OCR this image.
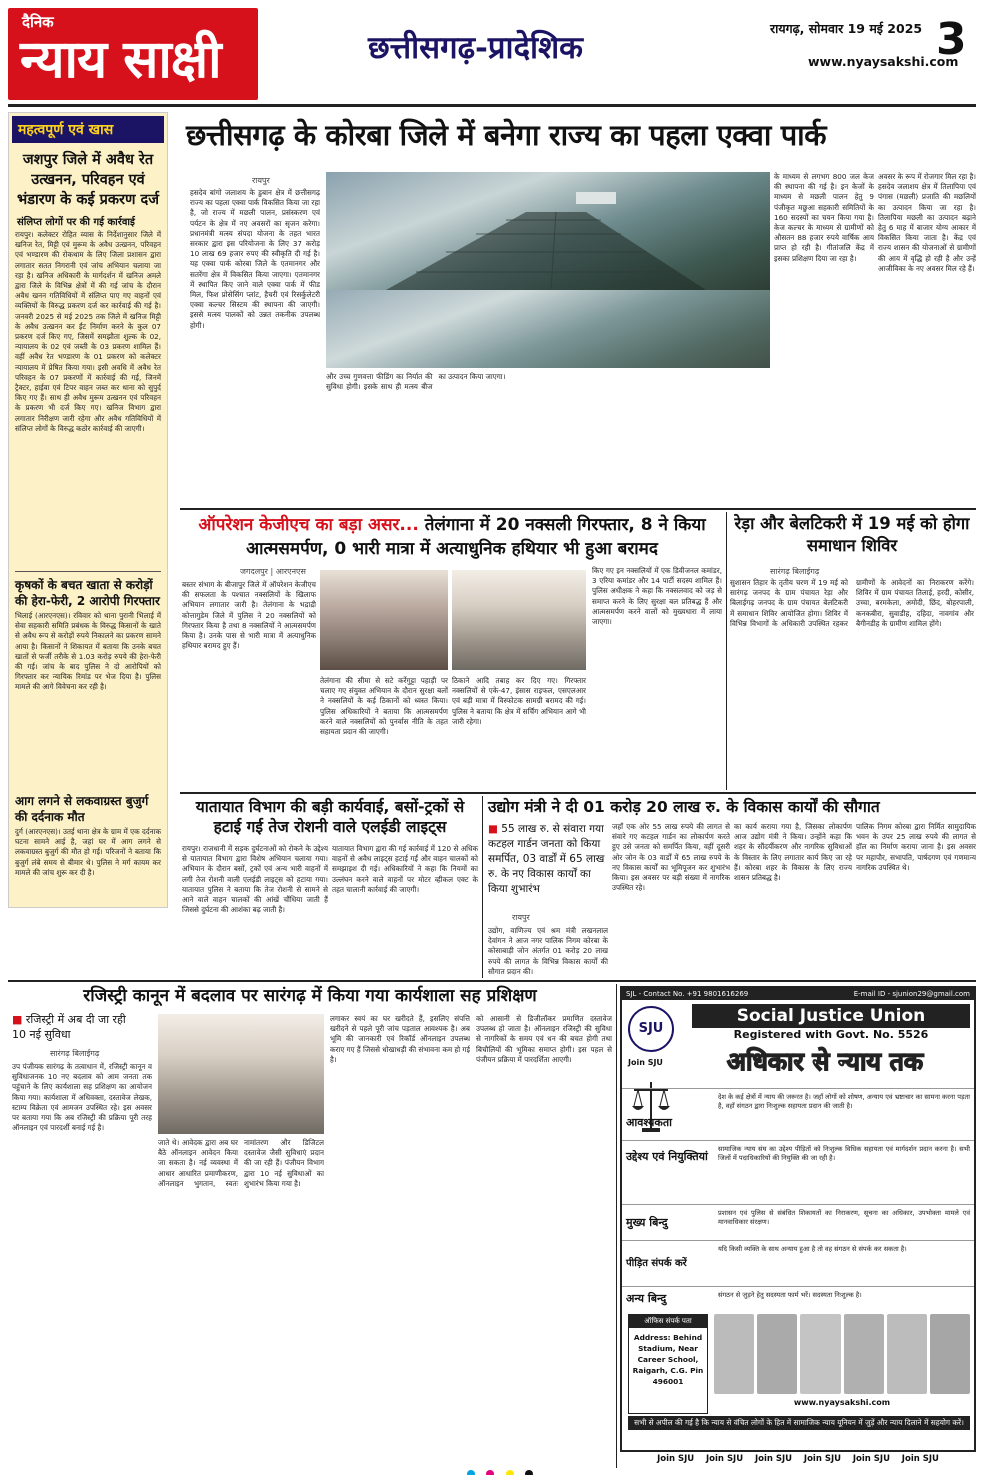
दैनिक
न्याय साक्षी	छत्तीसगढ़-प्रादेशिक
रायगढ़, सोमवार 19 मई 2025
www.nyaysakshi.com
3
महत्वपूर्ण एवं खास
जशपुर जिले में अवैध रेत उत्खनन, परिवहन एवं भंडारण के कई प्रकरण दर्ज
संलिप्त लोगों पर की गई कार्रवाई
रायपुर। कलेक्टर रोहित व्यास के निर्देशानुसार जिले में खनिज रेत, मिट्टी एवं मुरूम के अवैध उत्खनन, परिवहन एवं भण्डारण की रोकथाम के लिए जिला प्रशासन द्वारा लगातार सतत निगरानी एवं जांच अभियान चलाया जा रहा है। खनिज अधिकारी के मार्गदर्शन में खनिज अमले द्वारा जिले के विभिन्न क्षेत्रों में की गई जांच के दौरान अवैध खनन गतिविधियों में संलिप्त पाए गए वाहनों एवं व्यक्तियों के विरुद्ध प्रकरण दर्ज कर कार्रवाई की गई है। जनवरी 2025 से मई 2025 तक जिले में खनिज मिट्टी के अवैध उत्खनन कर ईंट निर्माण करने के कुल 07 प्रकरण दर्ज किए गए, जिसमें समझौता शुल्क के 02, न्यायालय के 02 एवं जब्ती के 03 प्रकरण शामिल हैं। वहीं अवैध रेत भण्डारण के 01 प्रकरण को कलेक्टर न्यायालय में प्रेषित किया गया। इसी अवधि में अवैध रेत परिवहन के 07 प्रकरणों में कार्रवाई की गई, जिनमें ट्रैक्टर, हाईवा एवं टिपर वाहन जब्त कर थाना को सुपुर्द किए गए हैं। साथ ही अवैध मुरूम उत्खनन एवं परिवहन के प्रकरण भी दर्ज किए गए। खनिज विभाग द्वारा लगातार निरीक्षण जारी रहेगा और अवैध गतिविधियों में संलिप्त लोगों के विरुद्ध कठोर कार्रवाई की जाएगी।
कृषकों के बचत खाता से करोड़ों की हेरा-फेरी, 2 आरोपी गिरफ्तार
भिलाई (आरएनएस)। रविवार को थाना पुरानी भिलाई में सेवा सहकारी समिति प्रबंधक के विरुद्ध किसानों के खाते से अवैध रूप से करोड़ों रुपये निकालने का प्रकरण सामने आया है। किसानों ने शिकायत में बताया कि उनके बचत खातों से फर्जी तरीके से 1.03 करोड़ रुपये की हेरा-फेरी की गई। जांच के बाद पुलिस ने दो आरोपियों को गिरफ्तार कर न्यायिक रिमांड पर भेज दिया है। पुलिस मामले की आगे विवेचना कर रही है।
आग लगने से लकवाग्रस्त बुजुर्ग की दर्दनाक मौत
दुर्ग (आरएनएस)। उतई थाना क्षेत्र के ग्राम में एक दर्दनाक घटना सामने आई है, जहां घर में आग लगने से लकवाग्रस्त बुजुर्ग की मौत हो गई। परिजनों ने बताया कि बुजुर्ग लंबे समय से बीमार थे। पुलिस ने मर्ग कायम कर मामले की जांच शुरू कर दी है।
छत्तीसगढ़ के कोरबा जिले में बनेगा राज्य का पहला एक्वा पार्क
रायपुर
हसदेव बांगो जलाशय के डुबान क्षेत्र में छत्तीसगढ़ राज्य का पहला एक्वा पार्क विकसित किया जा रहा है, जो राज्य में मछली पालन, प्रसंस्करण एवं पर्यटन के क्षेत्र में नए अवसरों का सृजन करेगा। प्रधानमंत्री मत्स्य संपदा योजना के तहत भारत सरकार द्वारा इस परियोजना के लिए 37 करोड़ 10 लाख 69 हजार रुपए की स्वीकृति दी गई है। यह एक्वा पार्क कोरबा जिले के एतमानगर और सतरेंगा क्षेत्र में विकसित किया जाएगा। एतमानगर में स्थापित किए जाने वाले एक्वा पार्क में फीड मिल, फिश प्रोसेसिंग प्लांट, हैचरी एवं रिसर्कुलेटरी एक्वा कल्चर सिस्टम की स्थापना की जाएगी। इससे मत्स्य पालकों को उन्नत तकनीक उपलब्ध होगी।
और उच्च गुणवत्ता फीडिंग का निर्यात की सुविधा होगी। इसके साथ ही मत्स्य बीज का उत्पादन किया जाएगा।
के माध्यम से लगभग 800 जल केज की स्थापना की गई है। इन केजों के माध्यम से मछली पालन हेतु 9 पंजीकृत मछुआ सहकारी समितियों के 160 सदस्यों का चयन किया गया है। केज कल्चर के माध्यम से ग्रामीणों को औसतन 88 हजार रुपये वार्षिक आय प्राप्त हो रही है। गीतांजलि केंद्र में इसका प्रशिक्षण दिया जा रहा है।
अवसर के रूप में रोजगार मिल रहा है। हसदेव जलाशय क्षेत्र में तिलापिया एवं पंगास (मछली) प्रजाति की मछलियों का उत्पादन किया जा रहा है। तिलापिया मछली का उत्पादन बढ़ाने हेतु 6 माह में बाजार योग्य आकार में विकसित किया जाता है। केंद्र एवं राज्य शासन की योजनाओं से ग्रामीणों की आय में वृद्धि हो रही है और उन्हें आजीविका के नए अवसर मिल रहे हैं।
ऑपरेशन केजीएच का बड़ा असर... तेलंगाना में 20 नक्सली गिरफ्तार, 8 ने किया आत्मसमर्पण, 0 भारी मात्रा में अत्याधुनिक हथियार भी हुआ बरामद
जगदलपुर | आरएनएस
बस्तर संभाग के बीजापुर जिले में ऑपरेशन केजीएच की सफलता के पश्चात नक्सलियों के खिलाफ अभियान लगातार जारी है। तेलंगाना के भद्राद्री कोत्तागुडेम जिले में पुलिस ने 20 नक्सलियों को गिरफ्तार किया है तथा 8 नक्सलियों ने आत्मसमर्पण किया है। उनके पास से भारी मात्रा में अत्याधुनिक हथियार बरामद हुए हैं।
तेलंगाना की सीमा से सटे कर्रेगुट्टा पहाड़ी पर चलाए गए संयुक्त अभियान के दौरान सुरक्षा बलों ने नक्सलियों के कई ठिकानों को ध्वस्त किया। पुलिस अधिकारियों ने बताया कि आत्मसमर्पण करने वाले नक्सलियों को पुनर्वास नीति के तहत सहायता प्रदान की जाएगी।
ठिकाने आदि तबाह कर दिए गए। गिरफ्तार नक्सलियों से एके-47, इंसास राइफल, एसएलआर एवं बड़ी मात्रा में विस्फोटक सामग्री बरामद की गई। पुलिस ने बताया कि क्षेत्र में सर्चिंग अभियान आगे भी जारी रहेगा।
किए गए इन नक्सलियों में एक डिवीजनल कमांडर, 3 एरिया कमांडर और 14 पार्टी सदस्य शामिल हैं। पुलिस अधीक्षक ने कहा कि नक्सलवाद को जड़ से समाप्त करने के लिए सुरक्षा बल प्रतिबद्ध हैं और आत्मसमर्पण करने वालों को मुख्यधारा में लाया जाएगा।
रेड़ा और बेलटिकरी में 19 मई को होगा समाधान शिविर
सारंगढ़ बिलाईगढ़
सुशासन तिहार के तृतीय चरण में 19 मई को सारंगढ़ जनपद के ग्राम पंचायत रेड़ा और बिलाईगढ़ जनपद के ग्राम पंचायत बेलटिकरी में समाधान शिविर आयोजित होगा। शिविर में विभिन्न विभागों के अधिकारी उपस्थित रहकर ग्रामीणों के आवेदनों का निराकरण करेंगे। शिविर में ग्राम पंचायत तिलाई, हरदी, कोसीर, उच्चा, बरमकेला, अमोदी, छिंद, बोहरपाली, कनकबीरा, सुवाडीह, दहिदा, नावगांव और बैगीनडीह के ग्रामीण शामिल होंगे।
यातायात विभाग की बड़ी कार्यवाई, बसों-ट्रकों से हटाई गई तेज रोशनी वाले एलईडी लाइट्स
रायपुर। राजधानी में सड़क दुर्घटनाओं को रोकने के उद्देश्य से यातायात विभाग द्वारा विशेष अभियान चलाया गया। अभियान के दौरान बसों, ट्रकों एवं अन्य भारी वाहनों में लगी तेज रोशनी वाली एलईडी लाइट्स को हटाया गया। यातायात पुलिस ने बताया कि तेज रोशनी से सामने से आने वाले वाहन चालकों की आंखें चौंधिया जाती हैं जिससे दुर्घटना की आशंका बढ़ जाती है।
यातायात विभाग द्वारा की गई कार्रवाई में 120 से अधिक वाहनों से अवैध लाइट्स हटाई गईं और वाहन चालकों को समझाइश दी गई। अधिकारियों ने कहा कि नियमों का उल्लंघन करने वाले वाहनों पर मोटर व्हीकल एक्ट के तहत चालानी कार्रवाई की जाएगी।
उद्योग मंत्री ने दी 01 करोड़ 20 लाख रु. के विकास कार्यों की सौगात
■ 55 लाख रु. से संवारा गया कटहल गार्डन जनता को किया समर्पित, 03 वार्डों में 65 लाख रु. के नए विकास कार्यों का किया शुभारंभ
रायपुर
उद्योग, वाणिज्य एवं श्रम मंत्री लखनलाल देवांगन ने आज नगर पालिक निगम कोरबा के कोसाबाड़ी जोन अंतर्गत 01 करोड़ 20 लाख रुपये की लागत के विभिन्न विकास कार्यों की सौगात प्रदान की।
जहाँ एक ओर 55 लाख रुपये की लागत से संवारे गए कटहल गार्डन का लोकार्पण करते हुए उसे जनता को समर्पित किया, वहीं दूसरी ओर जोन के 03 वार्डों में 65 लाख रुपये के नए विकास कार्यों का भूमिपूजन कर शुभारंभ किया। इस अवसर पर बड़ी संख्या में नागरिक उपस्थित रहे।
का कार्य कराया गया है, जिसका लोकार्पण आज उद्योग मंत्री ने किया। उन्होंने कहा कि शहर के सौंदर्यीकरण और नागरिक सुविधाओं के विस्तार के लिए लगातार कार्य किए जा रहे हैं। कोरबा शहर के विकास के लिए राज्य शासन प्रतिबद्ध है।
पालिक निगम कोरबा द्वारा निर्मित सामुदायिक भवन के उपर 25 लाख रुपये की लागत से हॉल का निर्माण कराया जाना है। इस अवसर पर महापौर, सभापति, पार्षदगण एवं गणमान्य नागरिक उपस्थित थे।
रजिस्ट्री कानून में बदलाव पर सारंगढ़ में किया गया कार्यशाला सह प्रशिक्षण
■ रजिस्ट्री में अब दी जा रही 10 नई सुविधा
सारंगढ़ बिलाईगढ़
उप पंजीयक सारंगढ़ के तत्वाधान में, रजिस्ट्री कानून व सुविधाजनक 10 नए बदलाव को आम जनता तक पहुंचाने के लिए कार्यशाला सह प्रशिक्षण का आयोजन किया गया। कार्यशाला में अधिवक्ता, दस्तावेज लेखक, स्टाम्प विक्रेता एवं आमजन उपस्थित रहे। इस अवसर पर बताया गया कि अब रजिस्ट्री की प्रक्रिया पूरी तरह ऑनलाइन एवं पारदर्शी बनाई गई है।
जाते थे। आवेदक द्वारा अब घर बैठे ऑनलाइन आवेदन किया जा सकता है। नई व्यवस्था में आधार आधारित प्रमाणीकरण, ऑनलाइन भुगतान, स्वतः नामांतरण और डिजिटल दस्तावेज जैसी सुविधाएं प्रदान की जा रही हैं। पंजीयन विभाग द्वारा 10 नई सुविधाओं का शुभारंभ किया गया है।
लगाकर स्वयं का घर खरीदते हैं, इसलिए संपत्ति खरीदने से पहले पूरी जांच पड़ताल आवश्यक है। अब भूमि की जानकारी एवं रिकॉर्ड ऑनलाइन उपलब्ध कराए गए हैं जिससे धोखाधड़ी की संभावना कम हो गई है।
को आसानी से डिजीलॉकर प्रमाणित दस्तावेज उपलब्ध हो जाता है। ऑनलाइन रजिस्ट्री की सुविधा से नागरिकों के समय एवं धन की बचत होगी तथा बिचौलियों की भूमिका समाप्त होगी। इस पहल से पंजीयन प्रक्रिया में पारदर्शिता आएगी।
SJL - Contact No. +91 9801616269	E-mail ID - sjunion29@gmail.com
SJU
Join SJU
Social Justice Union
Registered with Govt. No. 5526
अधिकार से न्याय तक
आवश्यकता
देश के कई क्षेत्रों में न्याय की जरूरत है। जहाँ लोगों को शोषण, अन्याय एवं भ्रष्टाचार का सामना करना पड़ता है, वहाँ संगठन द्वारा निःशुल्क सहायता प्रदान की जाती है।
उद्देश्य एवं नियुक्तियां
सामाजिक न्याय संघ का उद्देश्य पीड़ितों को निःशुल्क विधिक सहायता एवं मार्गदर्शन प्रदान करना है। सभी जिलों में पदाधिकारियों की नियुक्ति की जा रही है।
मुख्य बिन्दु
प्रशासन एवं पुलिस से संबंधित शिकायतों का निराकरण, सूचना का अधिकार, उपभोक्ता मामले एवं मानवाधिकार संरक्षण।
पीड़ित संपर्क करें
यदि किसी व्यक्ति के साथ अन्याय हुआ है तो वह संगठन से संपर्क कर सकता है।
अन्य बिन्दु	संगठन से जुड़ने हेतु सदस्यता फार्म भरें। सदस्यता निःशुल्क है।
ऑफिस संपर्क पता
Address: Behind Stadium, Near Career School, Raigarh, C.G. Pin 496001
www.nyaysakshi.com
सभी से अपील की गई है कि न्याय से वंचित लोगों के हित में सामाजिक न्याय यूनियन में जुड़ें और न्याय दिलाने में सहयोग करें।
Join SJU    Join SJU    Join SJU    Join SJU    Join SJU    Join SJU
